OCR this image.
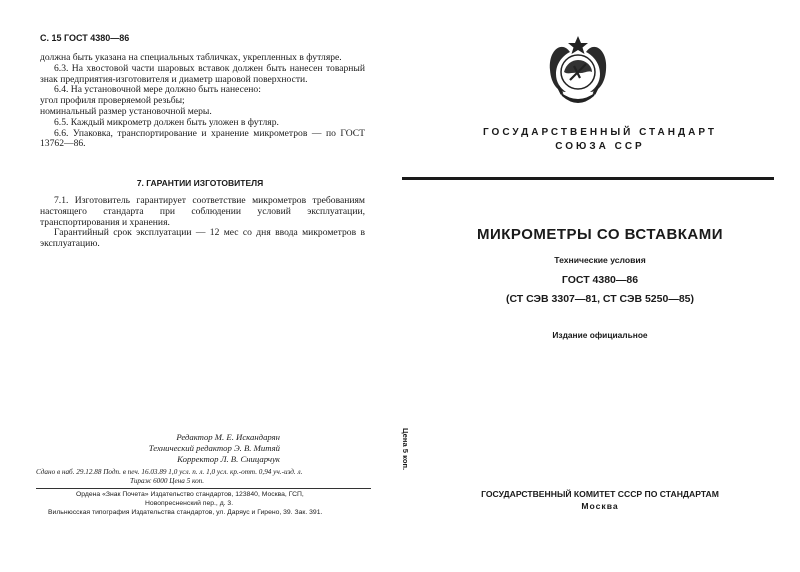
С. 15 ГОСТ 4380—86

должна быть указана на специальных табличках, укрепленных в футляре.

6.3. На хвостовой части шаровых вставок должен быть нанесен товарный знак предприятия-изготовителя и диаметр шаровой поверхности.

6.4. На установочной мере должно быть нанесено:

угол профиля проверяемой резьбы;

номинальный размер установочной меры.

6.5. Каждый микрометр должен быть уложен в футляр.

6.6. Упаковка, транспортирование и хранение микрометров — по ГОСТ 13762—86.

7. ГАРАНТИИ ИЗГОТОВИТЕЛЯ

7.1. Изготовитель гарантирует соответствие микрометров требованиям настоящего стандарта при соблюдении условий эксплуатации, транспортирования и хранения.

Гарантийный срок эксплуатации — 12 мес со дня ввода микрометров в эксплуатацию.

Редактор М. Е. Искандарян
Технический редактор Э. В. Митяй
Корректор Л. В. Сницарчук
Сдано в наб. 29.12.88 Подп. в печ. 16.03.89 1,0 усл. п. л. 1,0 усл. кр.-отт. 0,94 уч.-изд. л.
Тираж 6000 Цена 5 коп.
Ордена «Знак Почета» Издательство стандартов, 123840, Москва, ГСП,
Новопресненский пер., д. 3.
Вильнюсская типография Издательства стандартов, ул. Даряус и Гирено, 39. Зак. 391.
ГОСУДАРСТВЕННЫЙ СТАНДАРТ
СОЮЗА ССР
МИКРОМЕТРЫ СО ВСТАВКАМИ
Технические условия
ГОСТ 4380—86
(СТ СЭВ 3307—81, СТ СЭВ 5250—85)
Издание официальное
Цена 5 коп.
ГОСУДАРСТВЕННЫЙ КОМИТЕТ СССР ПО СТАНДАРТАМ
Москва
